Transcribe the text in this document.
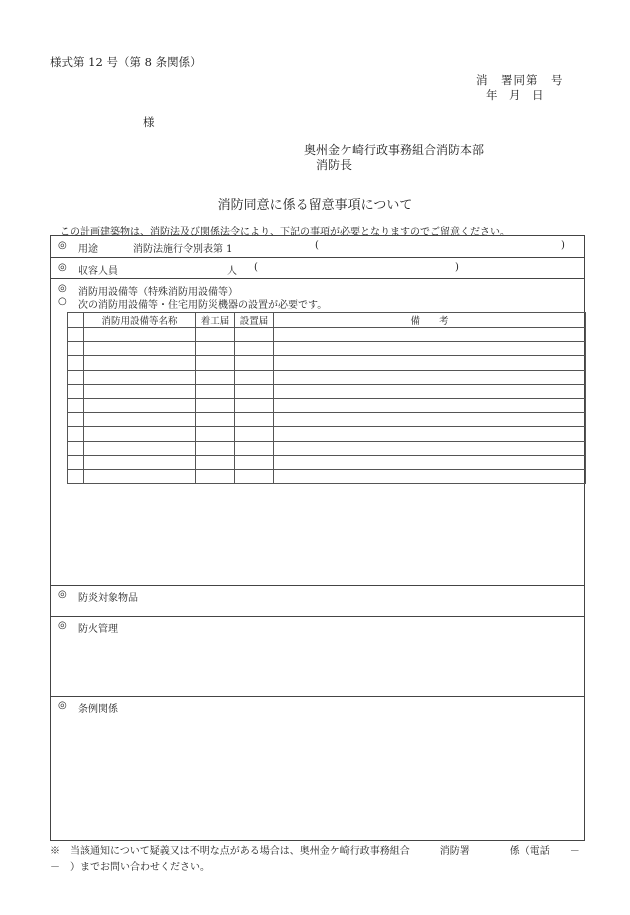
様式第 12 号（第 8 条関係）
消　署同第　号
年　月　日
様
奥州金ケ崎行政事務組合消防本部
消防長
消防同意に係る留意事項について
この計画建築物は、消防法及び関係法令により、下記の事項が必要となりますのでご留意ください。
◎ 用途	消防法施行令別表第 1	(	)
◎ 収容人員	人 (	)
◎ 消防用設備等（特殊消防用設備等）
○ 次の消防用設備等・住宅用防災機器の設置が必要です。
	消防用設備等名称	着工届	設置届	備　　考

◎ 防炎対象物品
◎ 防火管理
◎ 条例関係
※　当該通知について疑義又は不明な点がある場合は、奥州金ケ崎行政事務組合　　　消防署　　　　係（電話　　－　－　）までお問い合わせください。
